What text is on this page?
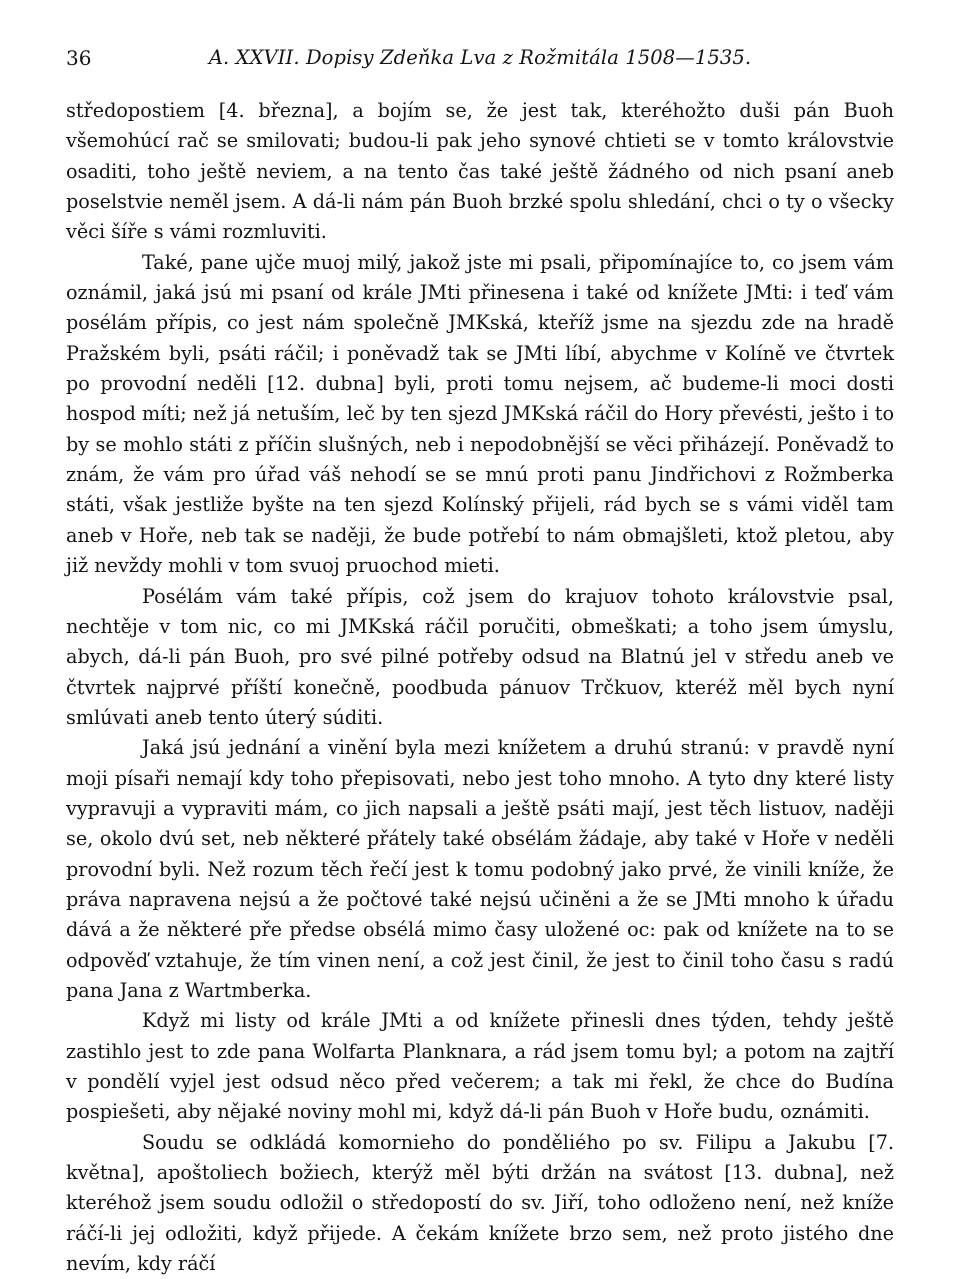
36	A. XXVII. Dopisy Zdeňka Lva z Rožmitála 1508—1535.

středopostiem [4. března], a bojím se, že jest tak, kteréhožto duši pán Buoh všemohúcí rač se smilovati; budou-li pak jeho synové chtieti se v tomto královstvie osaditi, toho ještě neviem, a na tento čas také ještě žádného od nich psaní aneb poselstvie neměl jsem. A dá-li nám pán Buoh brzké spolu shledání, chci o ty o všecky věci šíře s vámi rozmluviti.

Také, pane ujče muoj milý, jakož jste mi psali, připomínajíce to, co jsem vám oznámil, jaká jsú mi psaní od krále JMti přinesena i také od knížete JMti: i teď vám posélám přípis, co jest nám společně JMKská, kteříž jsme na sjezdu zde na hradě Pražském byli, psáti ráčil; i poněvadž tak se JMti líbí, abychme v Kolíně ve čtvrtek po provodní neděli [12. dubna] byli, proti tomu nejsem, ač budeme-li moci dosti hospod míti; než já netuším, leč by ten sjezd JMKská ráčil do Hory převésti, ješto i to by se mohlo státi z příčin slušných, neb i nepodobnější se věci přiházejí. Poněvadž to znám, že vám pro úřad váš nehodí se se mnú proti panu Jindřichovi z Rožmberka státi, však jestliže byšte na ten sjezd Kolínský přijeli, rád bych se s vámi viděl tam aneb v Hoře, neb tak se naději, že bude potřebí to nám obmajšleti, ktož pletou, aby již nevždy mohli v tom svuoj pruochod mieti.

Posélám vám také přípis, což jsem do krajuov tohoto královstvie psal, nechtěje v tom nic, co mi JMKská ráčil poručiti, obmeškati; a toho jsem úmyslu, abych, dá-li pán Buoh, pro své pilné potřeby odsud na Blatnú jel v středu aneb ve čtvrtek najprvé příští konečně, poodbuda pánuov Trčkuov, kteréž měl bych nyní smlúvati aneb tento úterý súditi.

Jaká jsú jednání a vinění byla mezi knížetem a druhú stranú: v pravdě nyní moji písaři nemají kdy toho přepisovati, nebo jest toho mnoho. A tyto dny které listy vypravuji a vypraviti mám, co jich napsali a ještě psáti mají, jest těch listuov, naději se, okolo dvú set, neb některé přátely také obsélám žádaje, aby také v Hoře v neděli provodní byli. Než rozum těch řečí jest k tomu podobný jako prvé, že vinili kníže, že práva napravena nejsú a že počtové také nejsú učiněni a že se JMti mnoho k úřadu dává a že některé pře předse obsélá mimo časy uložené oc: pak od knížete na to se odpověď vztahuje, že tím vinen není, a což jest činil, že jest to činil toho času s radú pana Jana z Wartmberka.

Když mi listy od krále JMti a od knížete přinesli dnes týden, tehdy ještě zastihlo jest to zde pana Wolfarta Planknara, a rád jsem tomu byl; a potom na zajtří v pondělí vyjel jest odsud něco před večerem; a tak mi řekl, že chce do Budína pospiešeti, aby nějaké noviny mohl mi, když dá-li pán Buoh v Hoře budu, oznámiti.

Soudu se odkládá komornieho do ponděliého po sv. Filipu a Jakubu [7. května], apoštoliech božiech, kterýž měl býti držán na svátost [13. dubna], než kteréhož jsem soudu odložil o středopostí do sv. Jiří, toho odloženo není, než kníže ráčí-li jej odložiti, když přijede. A čekám knížete brzo sem, než proto jistého dne nevím, kdy ráčí
